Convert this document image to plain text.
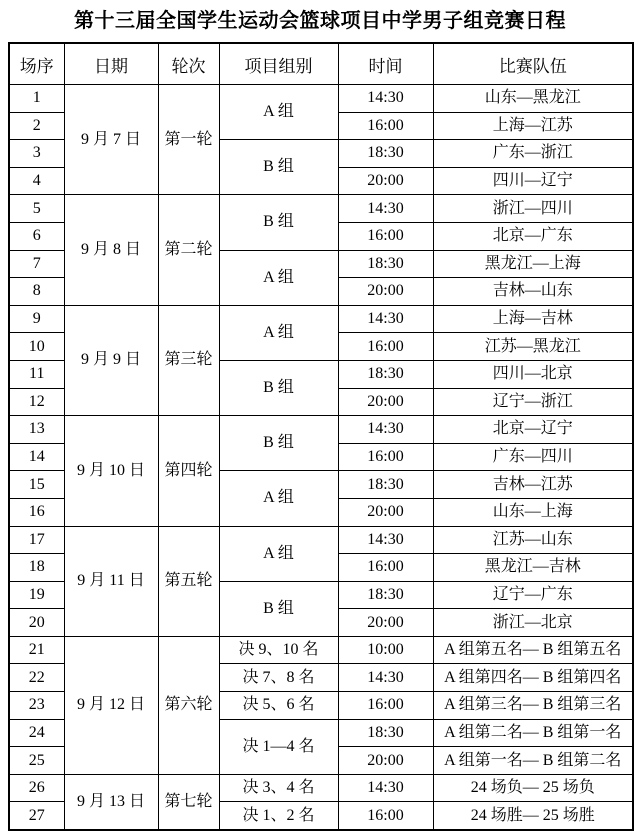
第十三届全国学生运动会篮球项目中学男子组竞赛日程
场序	日期	轮次	项目组别	时间	比赛队伍
1	9 月 7 日	第一轮	A 组	14:30	山东—黑龙江
2				16:00	上海—江苏
3			B 组	18:30	广东—浙江
4				20:00	四川—辽宁
5	9 月 8 日	第二轮	B 组	14:30	浙江—四川
6				16:00	北京—广东
7			A 组	18:30	黑龙江—上海
8				20:00	吉林—山东
9	9 月 9 日	第三轮	A 组	14:30	上海—吉林
10				16:00	江苏—黑龙江
11			B 组	18:30	四川—北京
12				20:00	辽宁—浙江
13	9 月 10 日	第四轮	B 组	14:30	北京—辽宁
14				16:00	广东—四川
15			A 组	18:30	吉林—江苏
16				20:00	山东—上海
17	9 月 11 日	第五轮	A 组	14:30	江苏—山东
18				16:00	黑龙江—吉林
19			B 组	18:30	辽宁—广东
20				20:00	浙江—北京
21	9 月 12 日	第六轮	决 9、10 名	10:00	A 组第五名— B 组第五名
22			决 7、8 名	14:30	A 组第四名— B 组第四名
23			决 5、6 名	16:00	A 组第三名— B 组第三名
24			决 1—4 名	18:30	A 组第二名— B 组第一名
25				20:00	A 组第一名— B 组第二名
26	9 月 13 日	第七轮	决 3、4 名	14:30	24 场负— 25 场负
27			决 1、2 名	16:00	24 场胜— 25 场胜
